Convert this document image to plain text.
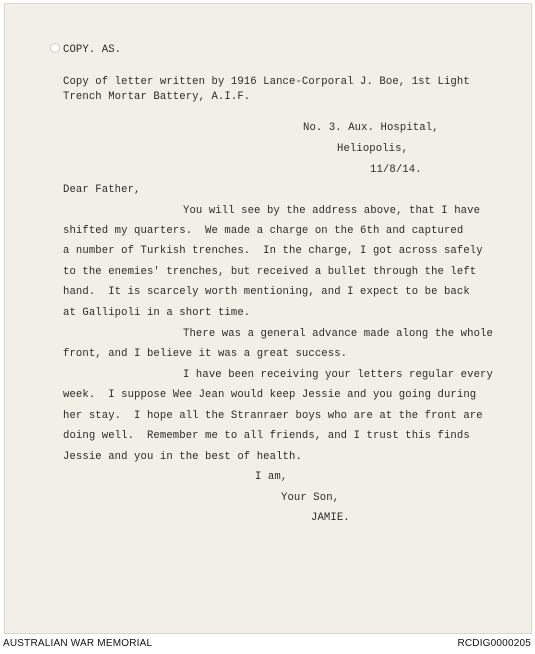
COPY. AS.
Copy of letter written by 1916 Lance-Corporal J. Boe, 1st Light
Trench Mortar Battery, A.I.F.
No. 3. Aux. Hospital,
Heliopolis,
11/8/14.
Dear Father,
You will see by the address above, that I have
shifted my quarters.  We made a charge on the 6th and captured
a number of Turkish trenches.  In the charge, I got across safely
to the enemies' trenches, but received a bullet through the left
hand.  It is scarcely worth mentioning, and I expect to be back
at Gallipoli in a short time.
There was a general advance made along the whole
front, and I believe it was a great success.
I have been receiving your letters regular every
week.  I suppose Wee Jean would keep Jessie and you going during
her stay.  I hope all the Stranraer boys who are at the front are
doing well.  Remember me to all friends, and I trust this finds
Jessie and you in the best of health.
I am,
Your Son,
JAMIE.
AUSTRALIAN WAR MEMORIAL	RCDIG0000205
